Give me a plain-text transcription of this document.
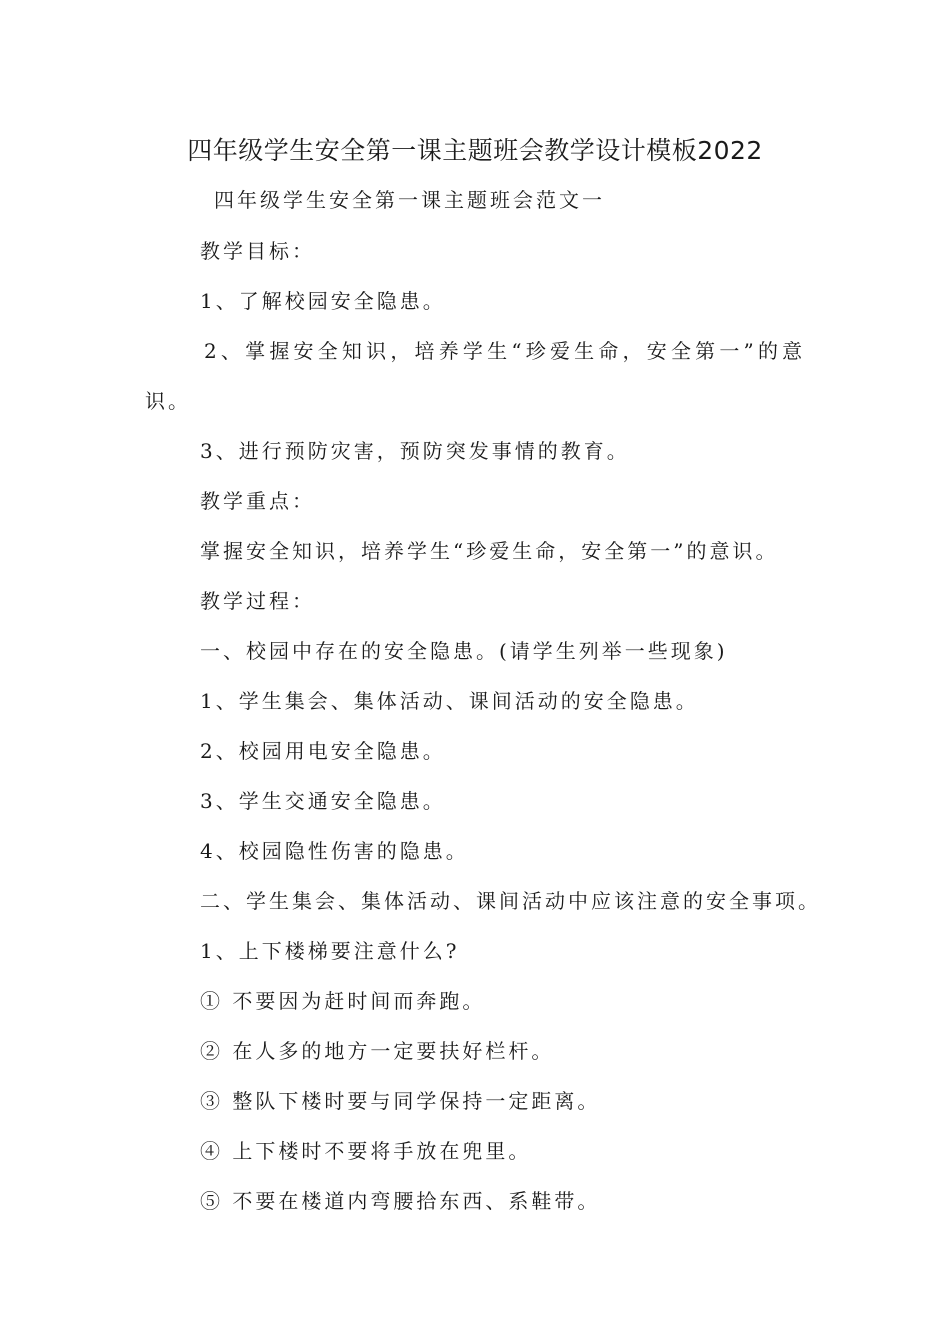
四年级学生安全第一课主题班会教学设计模板2022
四年级学生安全第一课主题班会范文一
教学目标：
1、了解校园安全隐患。
2、掌握安全知识，培养学生“珍爱生命，安全第一”的意
识。
3、进行预防灾害，预防突发事情的教育。
教学重点：
掌握安全知识，培养学生“珍爱生命，安全第一”的意识。
教学过程：
一、校园中存在的安全隐患。(请学生列举一些现象)
1、学生集会、集体活动、课间活动的安全隐患。
2、校园用电安全隐患。
3、学生交通安全隐患。
4、校园隐性伤害的隐患。
二、学生集会、集体活动、课间活动中应该注意的安全事项。
1、上下楼梯要注意什么?
① 不要因为赶时间而奔跑。
② 在人多的地方一定要扶好栏杆。
③ 整队下楼时要与同学保持一定距离。
④ 上下楼时不要将手放在兜里。
⑤ 不要在楼道内弯腰拾东西、系鞋带。
